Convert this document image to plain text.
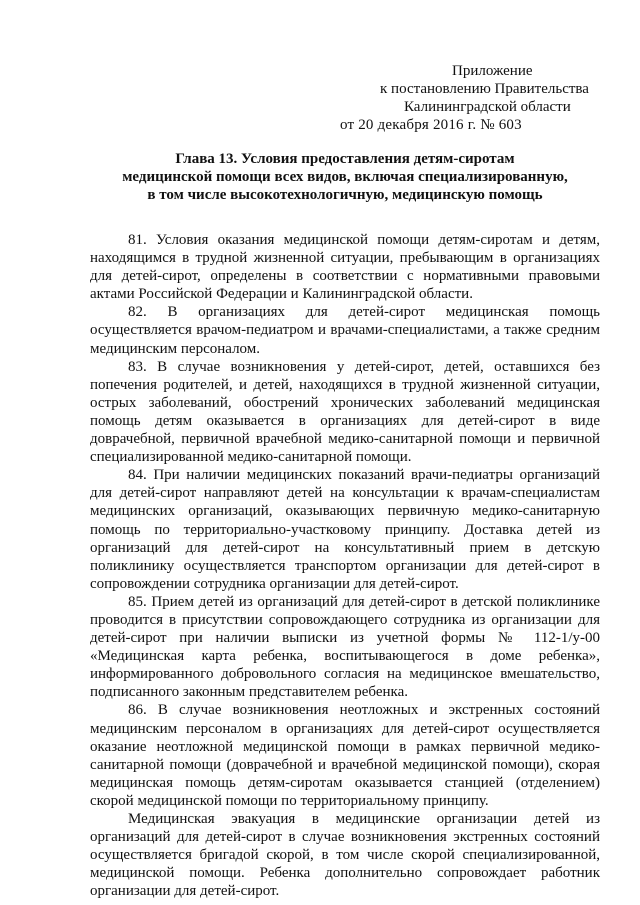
Приложение
к постановлению Правительства
Калининградской области
от 20 декабря 2016 г. № 603
Глава 13. Условия предоставления детям-сиротам
медицинской помощи всех видов, включая специализированную,
в том числе высокотехнологичную, медицинскую помощь

81. Условия оказания медицинской помощи детям-сиротам и детям, находящимся в трудной жизненной ситуации, пребывающим в организациях для детей-сирот, определены в соответствии с нормативными правовыми актами Российской Федерации и Калининградской области.

82. В организациях для детей-сирот медицинская помощь осуществляется врачом-педиатром и врачами-специалистами, а также средним медицинским персоналом.

83. В случае возникновения у детей-сирот, детей, оставшихся без попечения родителей, и детей, находящихся в трудной жизненной ситуации, острых заболеваний, обострений хронических заболеваний медицинская помощь детям оказывается в организациях для детей-сирот в виде доврачебной, первичной врачебной медико-санитарной помощи и первичной специализированной медико-санитарной помощи.

84. При наличии медицинских показаний врачи-педиатры организаций для детей-сирот направляют детей на консультации к врачам-специалистам медицинских организаций, оказывающих первичную медико-санитарную помощь по территориально-участковому принципу. Доставка детей из организаций для детей-сирот на консультативный прием в детскую поликлинику осуществляется транспортом организации для детей-сирот в сопровождении сотрудника организации для детей-сирот.

85. Прием детей из организаций для детей-сирот в детской поликлинике проводится в присутствии сопровождающего сотрудника из организации для детей-сирот при наличии выписки из учетной формы № 112-1/у-00 «Медицинская карта ребенка, воспитывающегося в доме ребенка», информированного добровольного согласия на медицинское вмешательство, подписанного законным представителем ребенка.

86. В случае возникновения неотложных и экстренных состояний медицинским персоналом в организациях для детей-сирот осуществляется оказание неотложной медицинской помощи в рамках первичной медико-санитарной помощи (доврачебной и врачебной медицинской помощи), скорая медицинская помощь детям-сиротам оказывается станцией (отделением) скорой медицинской помощи по территориальному принципу.

Медицинская эвакуация в медицинские организации детей из организаций для детей-сирот в случае возникновения экстренных состояний осуществляется бригадой скорой, в том числе скорой специализированной, медицинской помощи. Ребенка дополнительно сопровождает работник организации для детей-сирот.
